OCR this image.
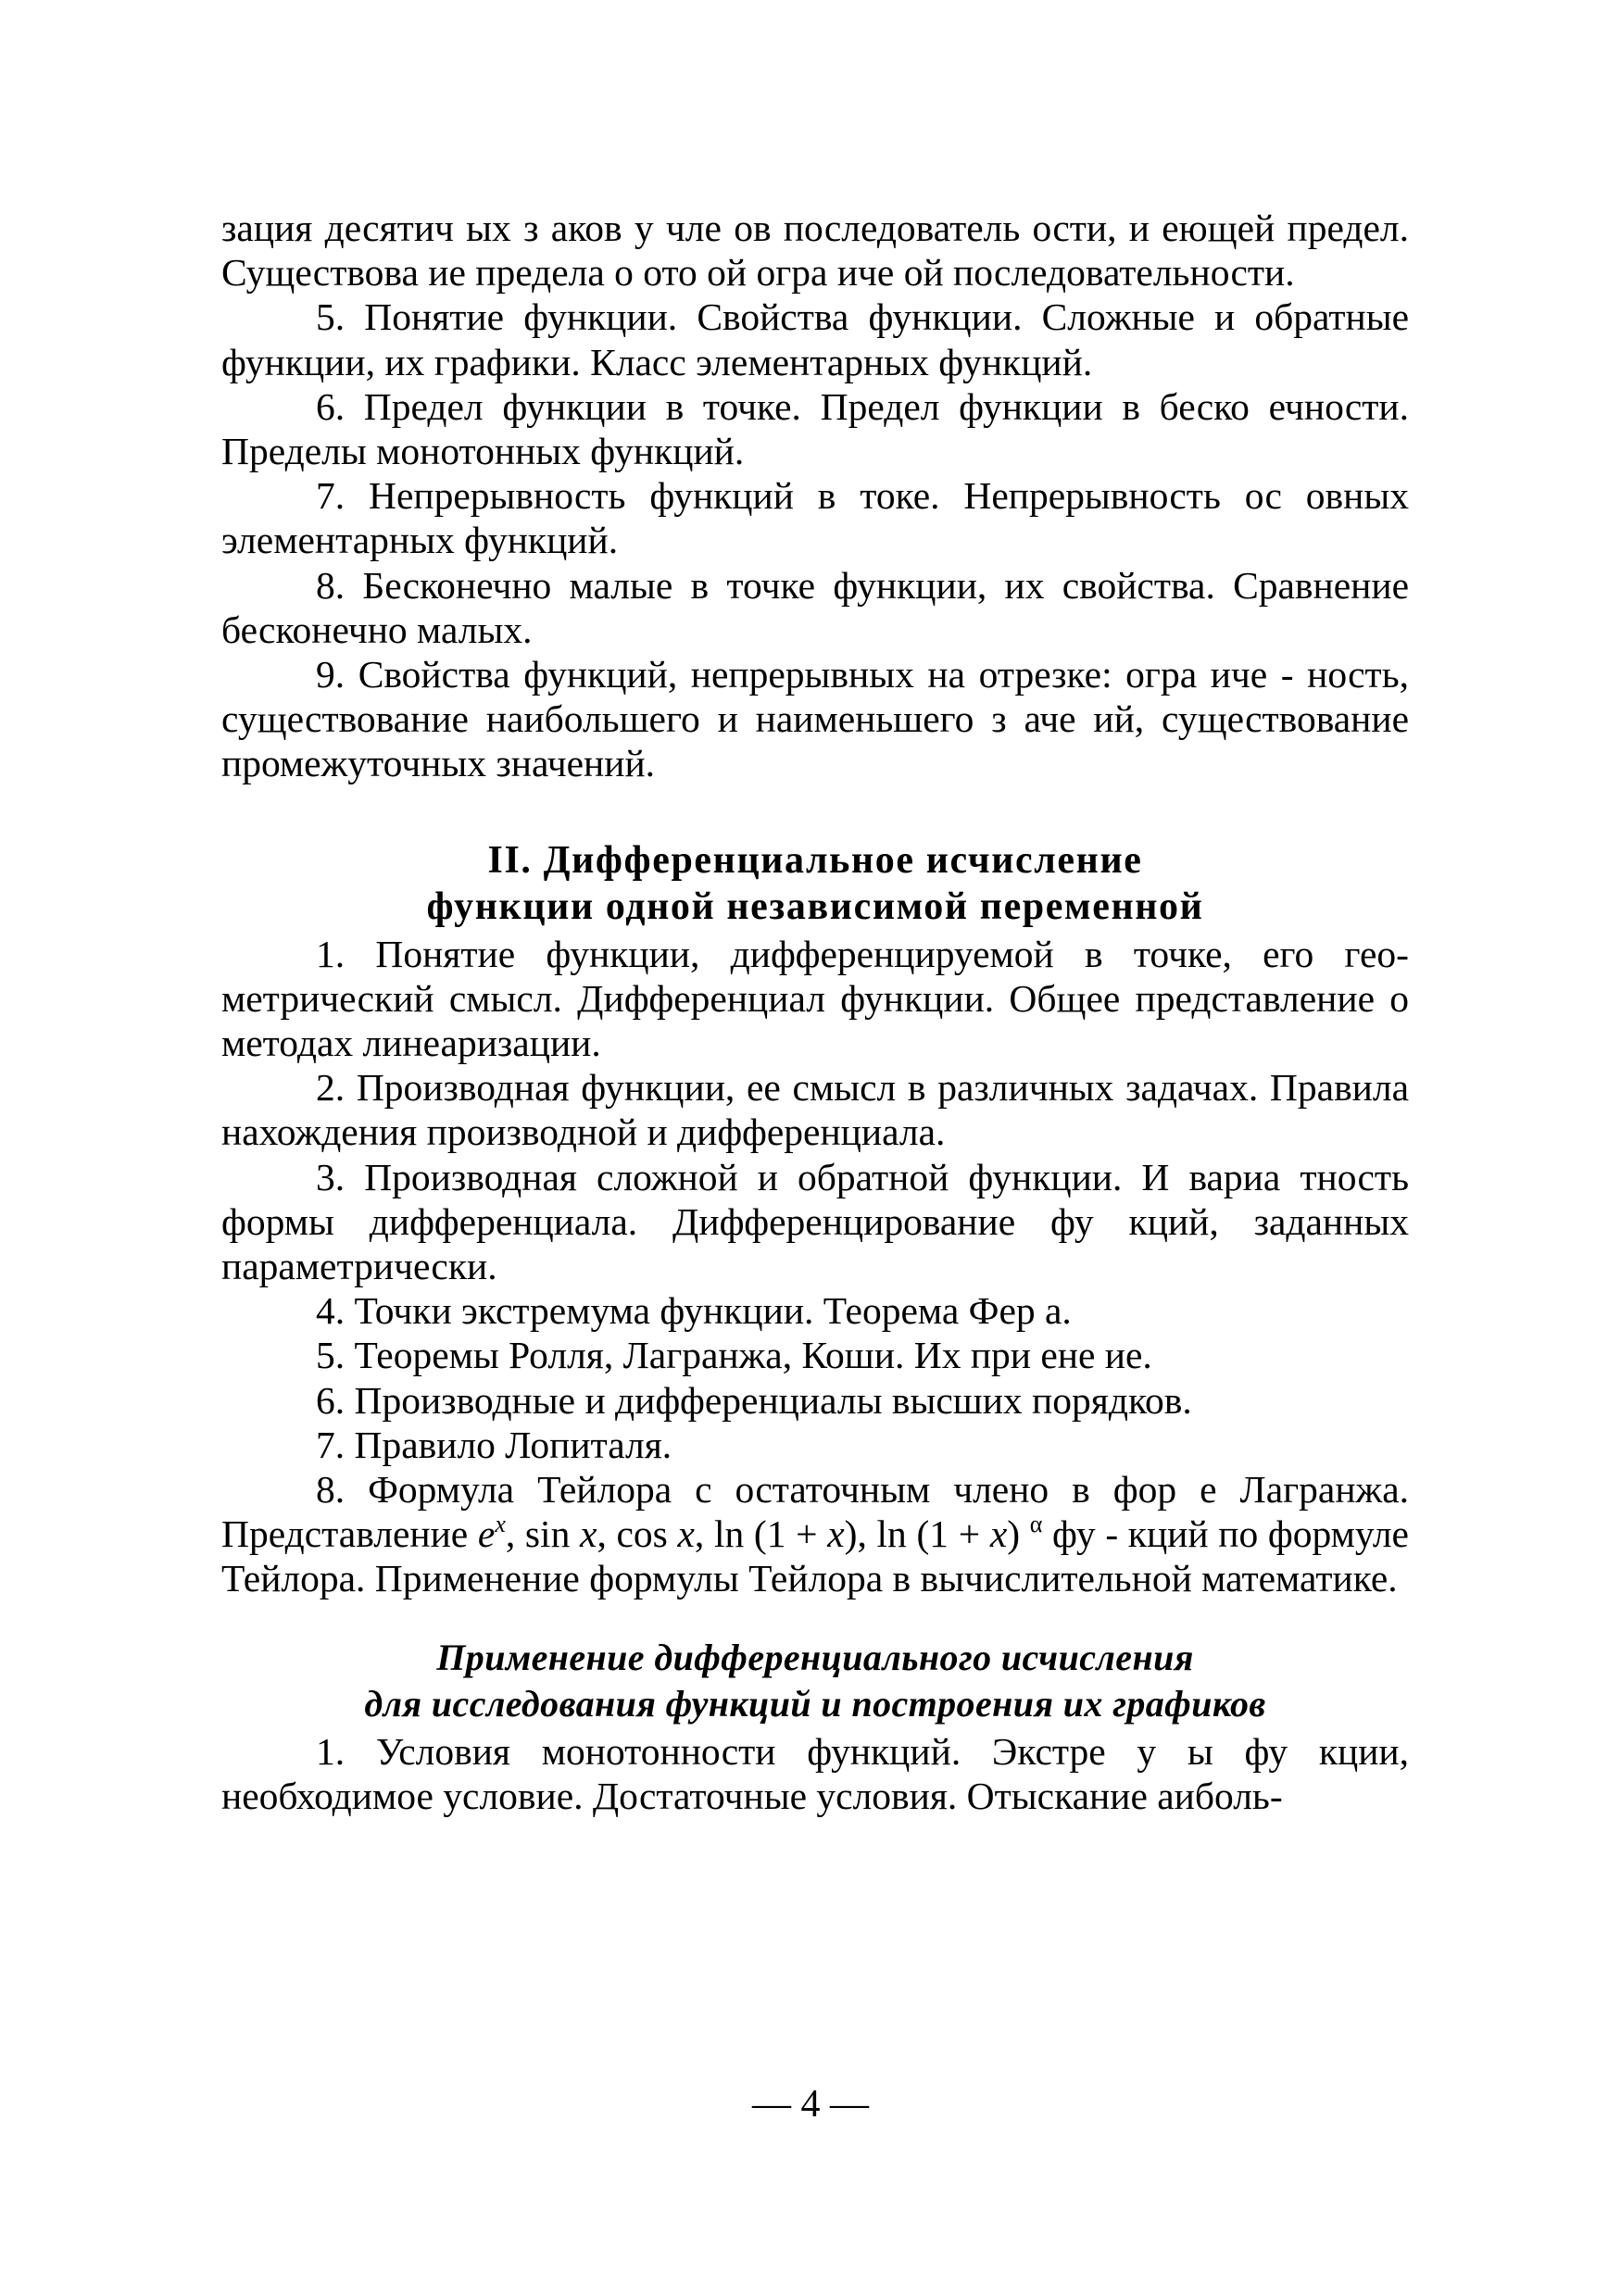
зация десятич ых з аков у чле ов последователь ости, и еющей предел. Существова ие предела о ото ой огра иче ой последовательности.

5. Понятие функции. Свойства функции. Сложные и обратные функции, их графики. Класс элементарных функций.

6. Предел функции в точке. Предел функции в беско ечности. Пределы монотонных функций.

7. Непрерывность функций в токе. Непрерывность ос овных элементарных функций.

8. Бесконечно малые в точке функции, их свойства. Сравнение бесконечно малых.

9. Свойства функций, непрерывных на отрезке: огра иче - ность, существование наибольшего и наименьшего з аче ий, существование промежуточных значений.

II. Дифференциальное исчисление
функции одной независимой переменной

1. Понятие функции, дифференцируемой в точке, его геометрический смысл. Дифференциал функции. Общее представление о методах линеаризации.

2. Производная функции, ее смысл в различных задачах. Правила нахождения производной и дифференциала.

3. Производная сложной и обратной функции. И вариа тность формы дифференциала. Дифференцирование фу кций, заданных параметрически.

4. Точки экстремума функции. Теорема Фер а.

5. Теоремы Ролля, Лагранжа, Коши. Их при ене ие.

6. Производные и дифференциалы высших порядков.

7. Правило Лопиталя.

8. Формула Тейлора с остаточным члено в фор е Лагранжа. Представление $e^x$, sin x, cos x, ln (1 + x), ln (1 + x) $^\alpha$ фу - кций по формуле Тейлора. Применение формулы Тейлора в вычислительной математике.

Применение дифференциального исчисления
для исследования функций и построения их графиков

1. Условия монотонности функций. Экстре у ы фу кции, необходимое условие. Достаточные условия. Отыскание аиболь-

— 4 —
